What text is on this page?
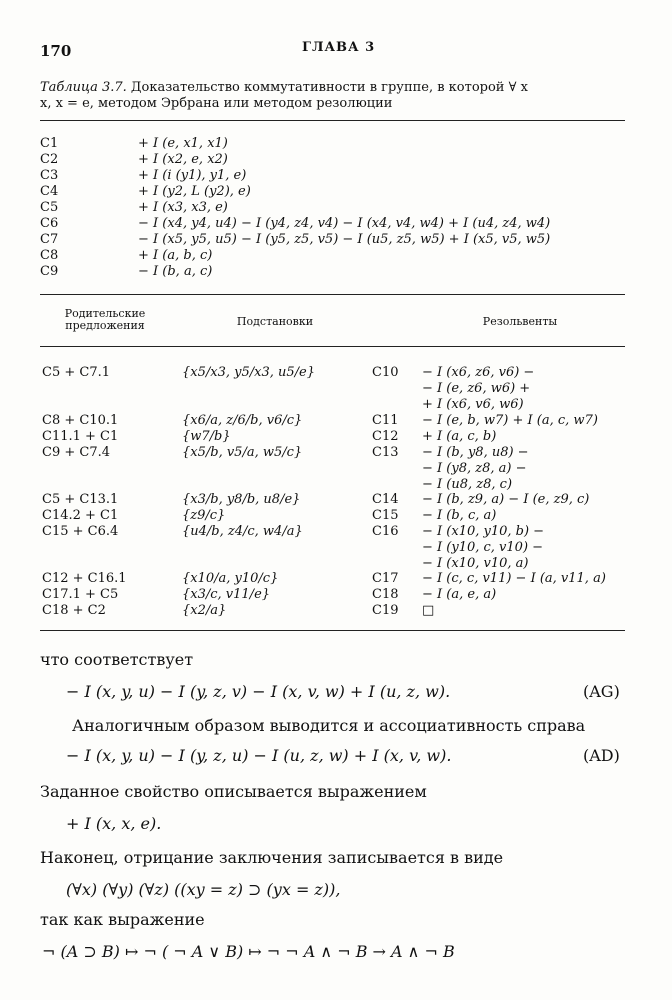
170	ГЛАВА 3
Таблица 3.7. Доказательство коммутативности в группе, в которой ∀ x
x, x = e, методом Эрбрана или методом резолюции
C1	+ I (e, x1, x1)
C2	+ I (x2, e, x2)
C3	+ I (i (y1), y1, e)
C4	+ I (y2, L (y2), e)
C5	+ I (x3, x3, e)
C6	− I (x4, y4, u4) − I (y4, z4, v4) − I (x4, v4, w4) + I (u4, z4, w4)
C7	− I (x5, y5, u5) − I (y5, z5, v5) − I (u5, z5, w5) + I (x5, v5, w5)
C8	+ I (a, b, c)
C9	− I (b, a, c)
Родительские
предложения	Подстановки	Резольвенты
C5 + C7.1	{x5/x3, y5/x3, u5/e}	C10 − I (x6, z6, v6) −
− I (e, z6, w6) +
+ I (x6, v6, w6)
C8 + C10.1	{x6/a, z/6/b, v6/c}	C11 − I (e, b, w7) + I (a, c, w7)
C11.1 + C1	{w7/b}	C12 + I (a, c, b)
C9 + C7.4	{x5/b, v5/a, w5/c}	C13 − I (b, y8, u8) −
− I (y8, z8, a) −
− I (u8, z8, c)
C5 + C13.1	{x3/b, y8/b, u8/e}	C14 − I (b, z9, a) − I (e, z9, c)
C14.2 + C1	{z9/c}	C15 − I (b, c, a)
C15 + C6.4	{u4/b, z4/c, w4/a}	C16 − I (x10, y10, b) −
− I (y10, c, v10) −
− I (x10, v10, a)
C12 + C16.1	{x10/a, y10/c}	C17 − I (c, c, v11) − I (a, v11, a)
C17.1 + C5	{x3/c, v11/e}	C18 − I (a, e, a)
C18 + C2	{x2/a}	C19 □
что соответствует
− I (x, y, u) − I (y, z, v) − I (x, v, w) + I (u, z, w).	(AG)
Аналогичным образом выводится и ассоциативность справа
− I (x, y, u) − I (y, z, u) − I (u, z, w) + I (x, v, w).	(AD)
Заданное свойство описывается выражением
+ I (x, x, e).
Наконец, отрицание заключения записывается в виде
(∀x) (∀y) (∀z) ((xy = z) ⊃ (yx = z)),
так как выражение
¬ (A ⊃ B) ↦ ¬ ( ¬ A ∨ B) ↦ ¬ ¬ A ∧ ¬ B → A ∧ ¬ B
